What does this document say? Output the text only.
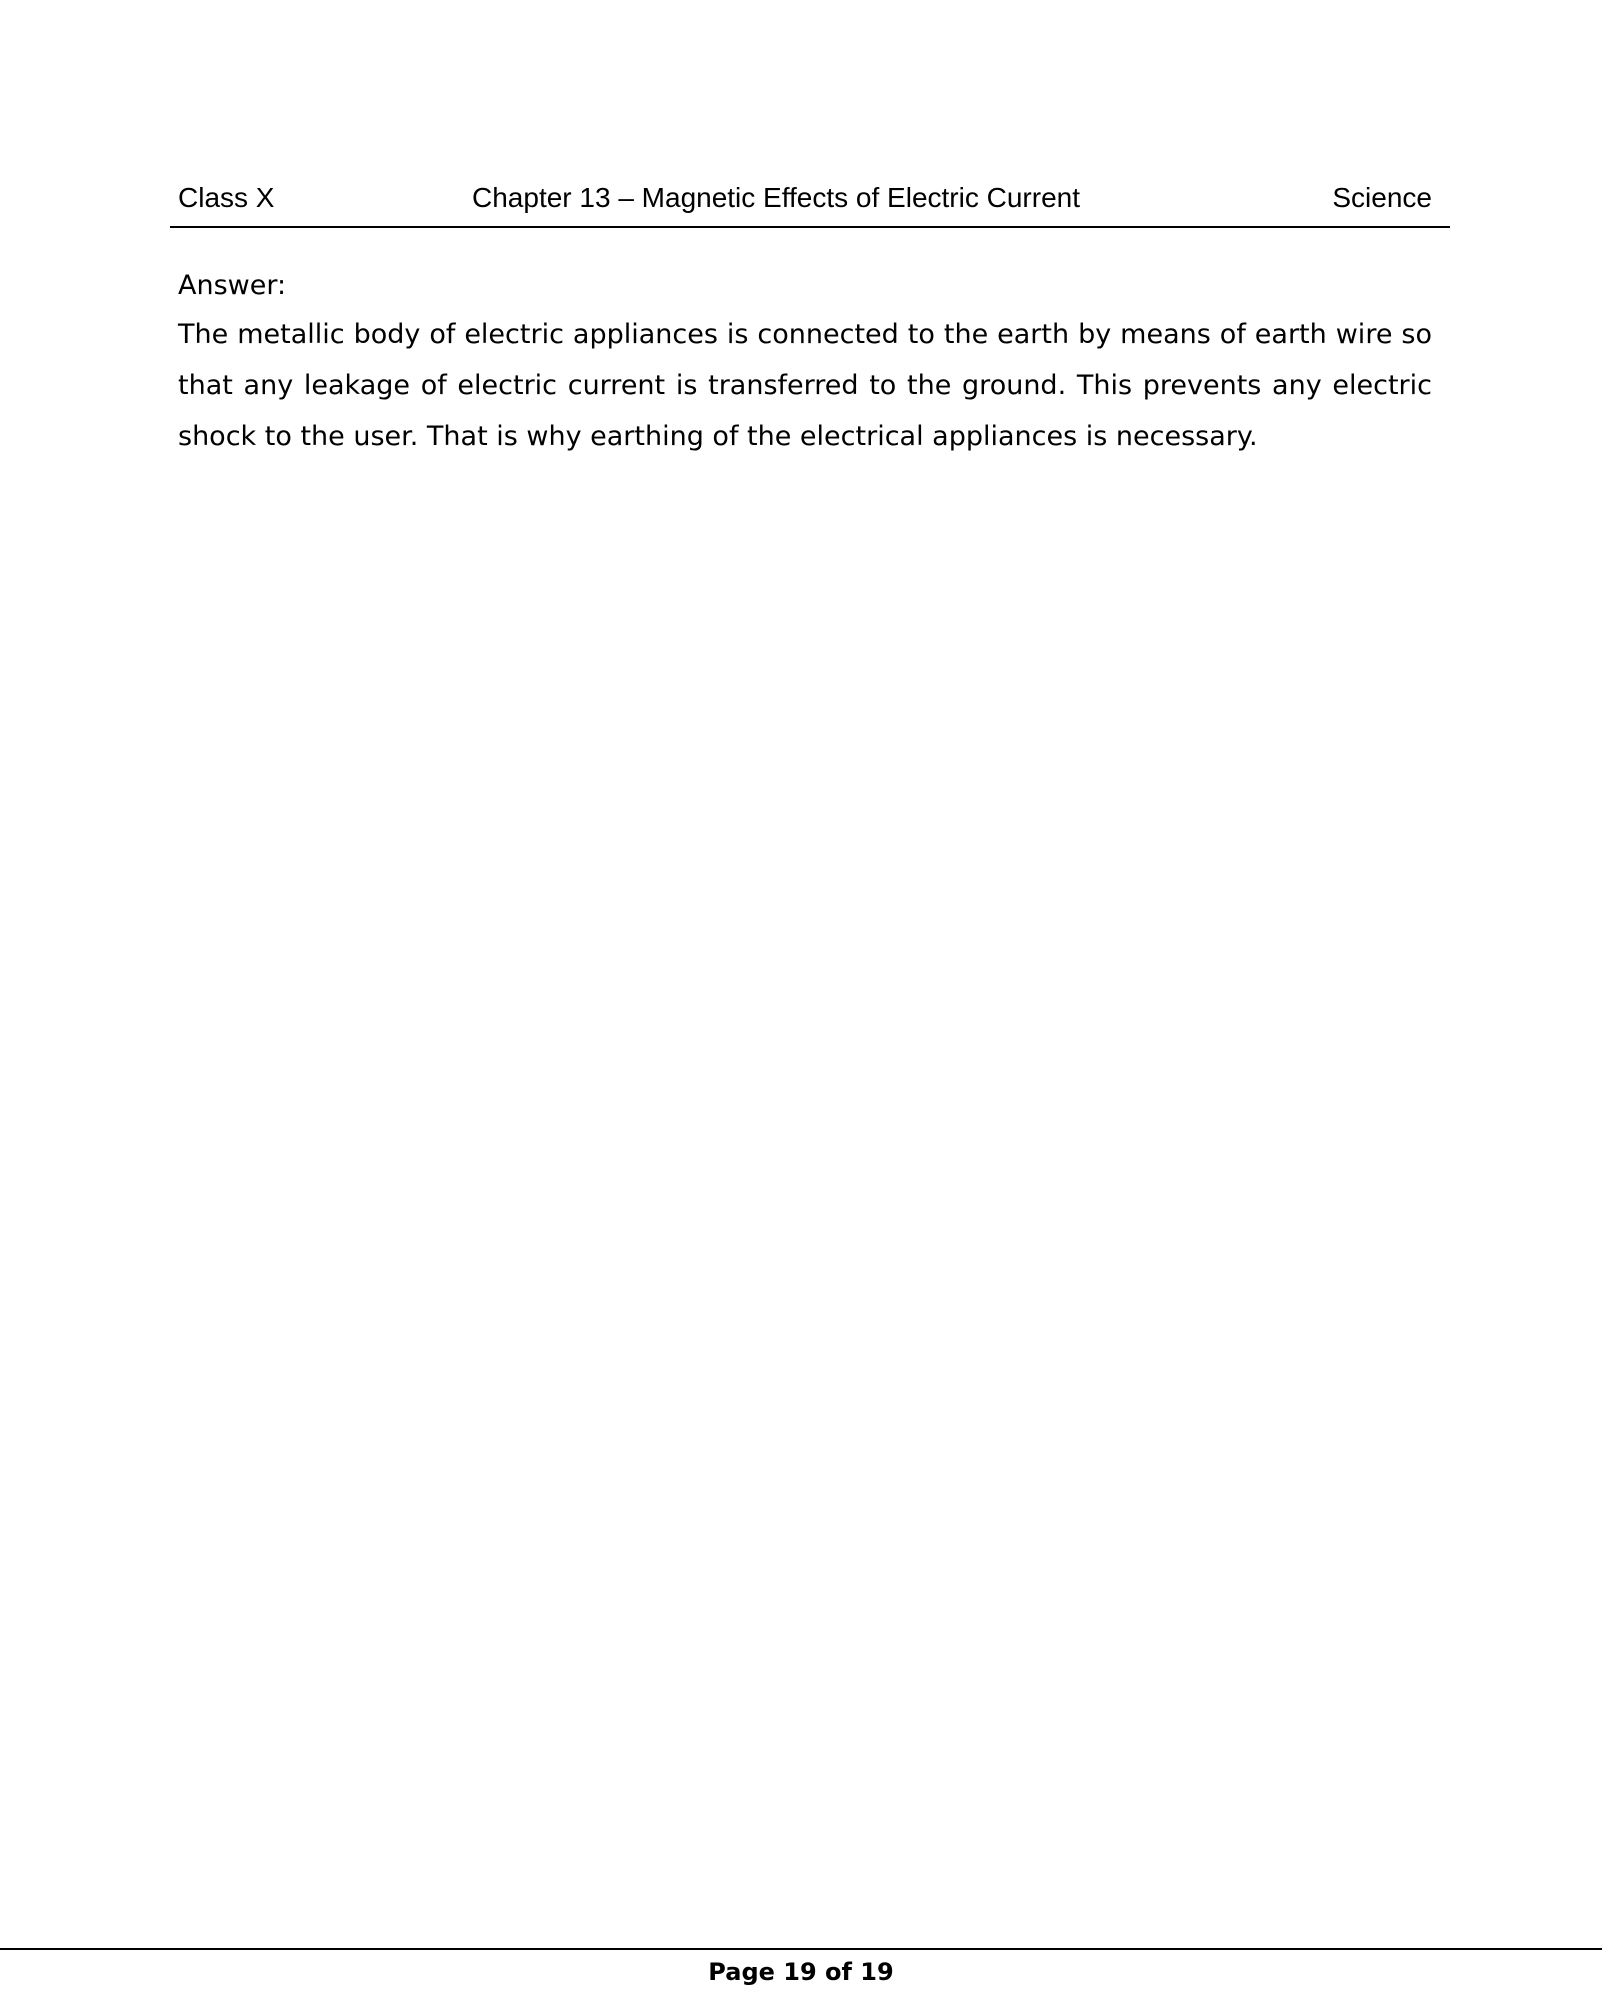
Class X	Chapter 13 – Magnetic Effects of Electric Current	Science
Answer:

The metallic body of electric appliances is connected to the earth by means of earth wire so that any leakage of electric current is transferred to the ground. This prevents any electric shock to the user. That is why earthing of the electrical appliances is necessary.

Page 19 of 19
